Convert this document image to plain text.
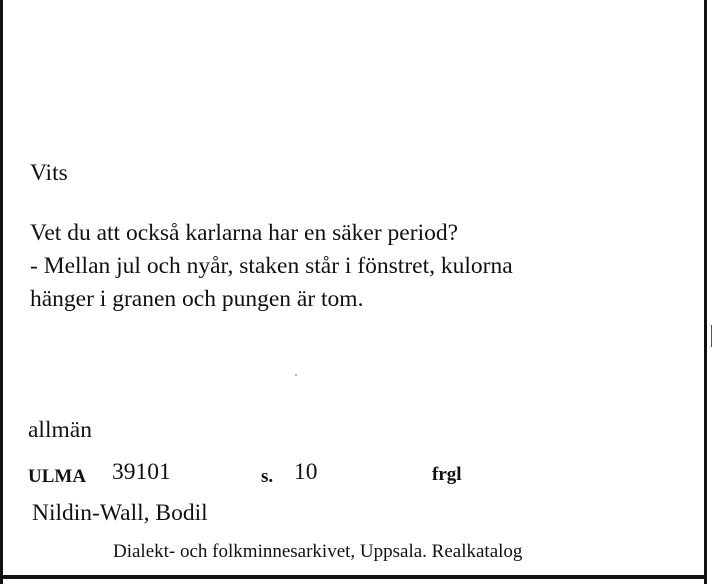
Vits
Vet du att också karlarna har en säker period?
- Mellan jul och nyår, staken står i fönstret, kulorna
hänger i granen och pungen är tom.
allmän
ULMA 39101	s. 10	frgl
Nildin-Wall, Bodil
Dialekt- och folkminnesarkivet, Uppsala. Realkatalog
